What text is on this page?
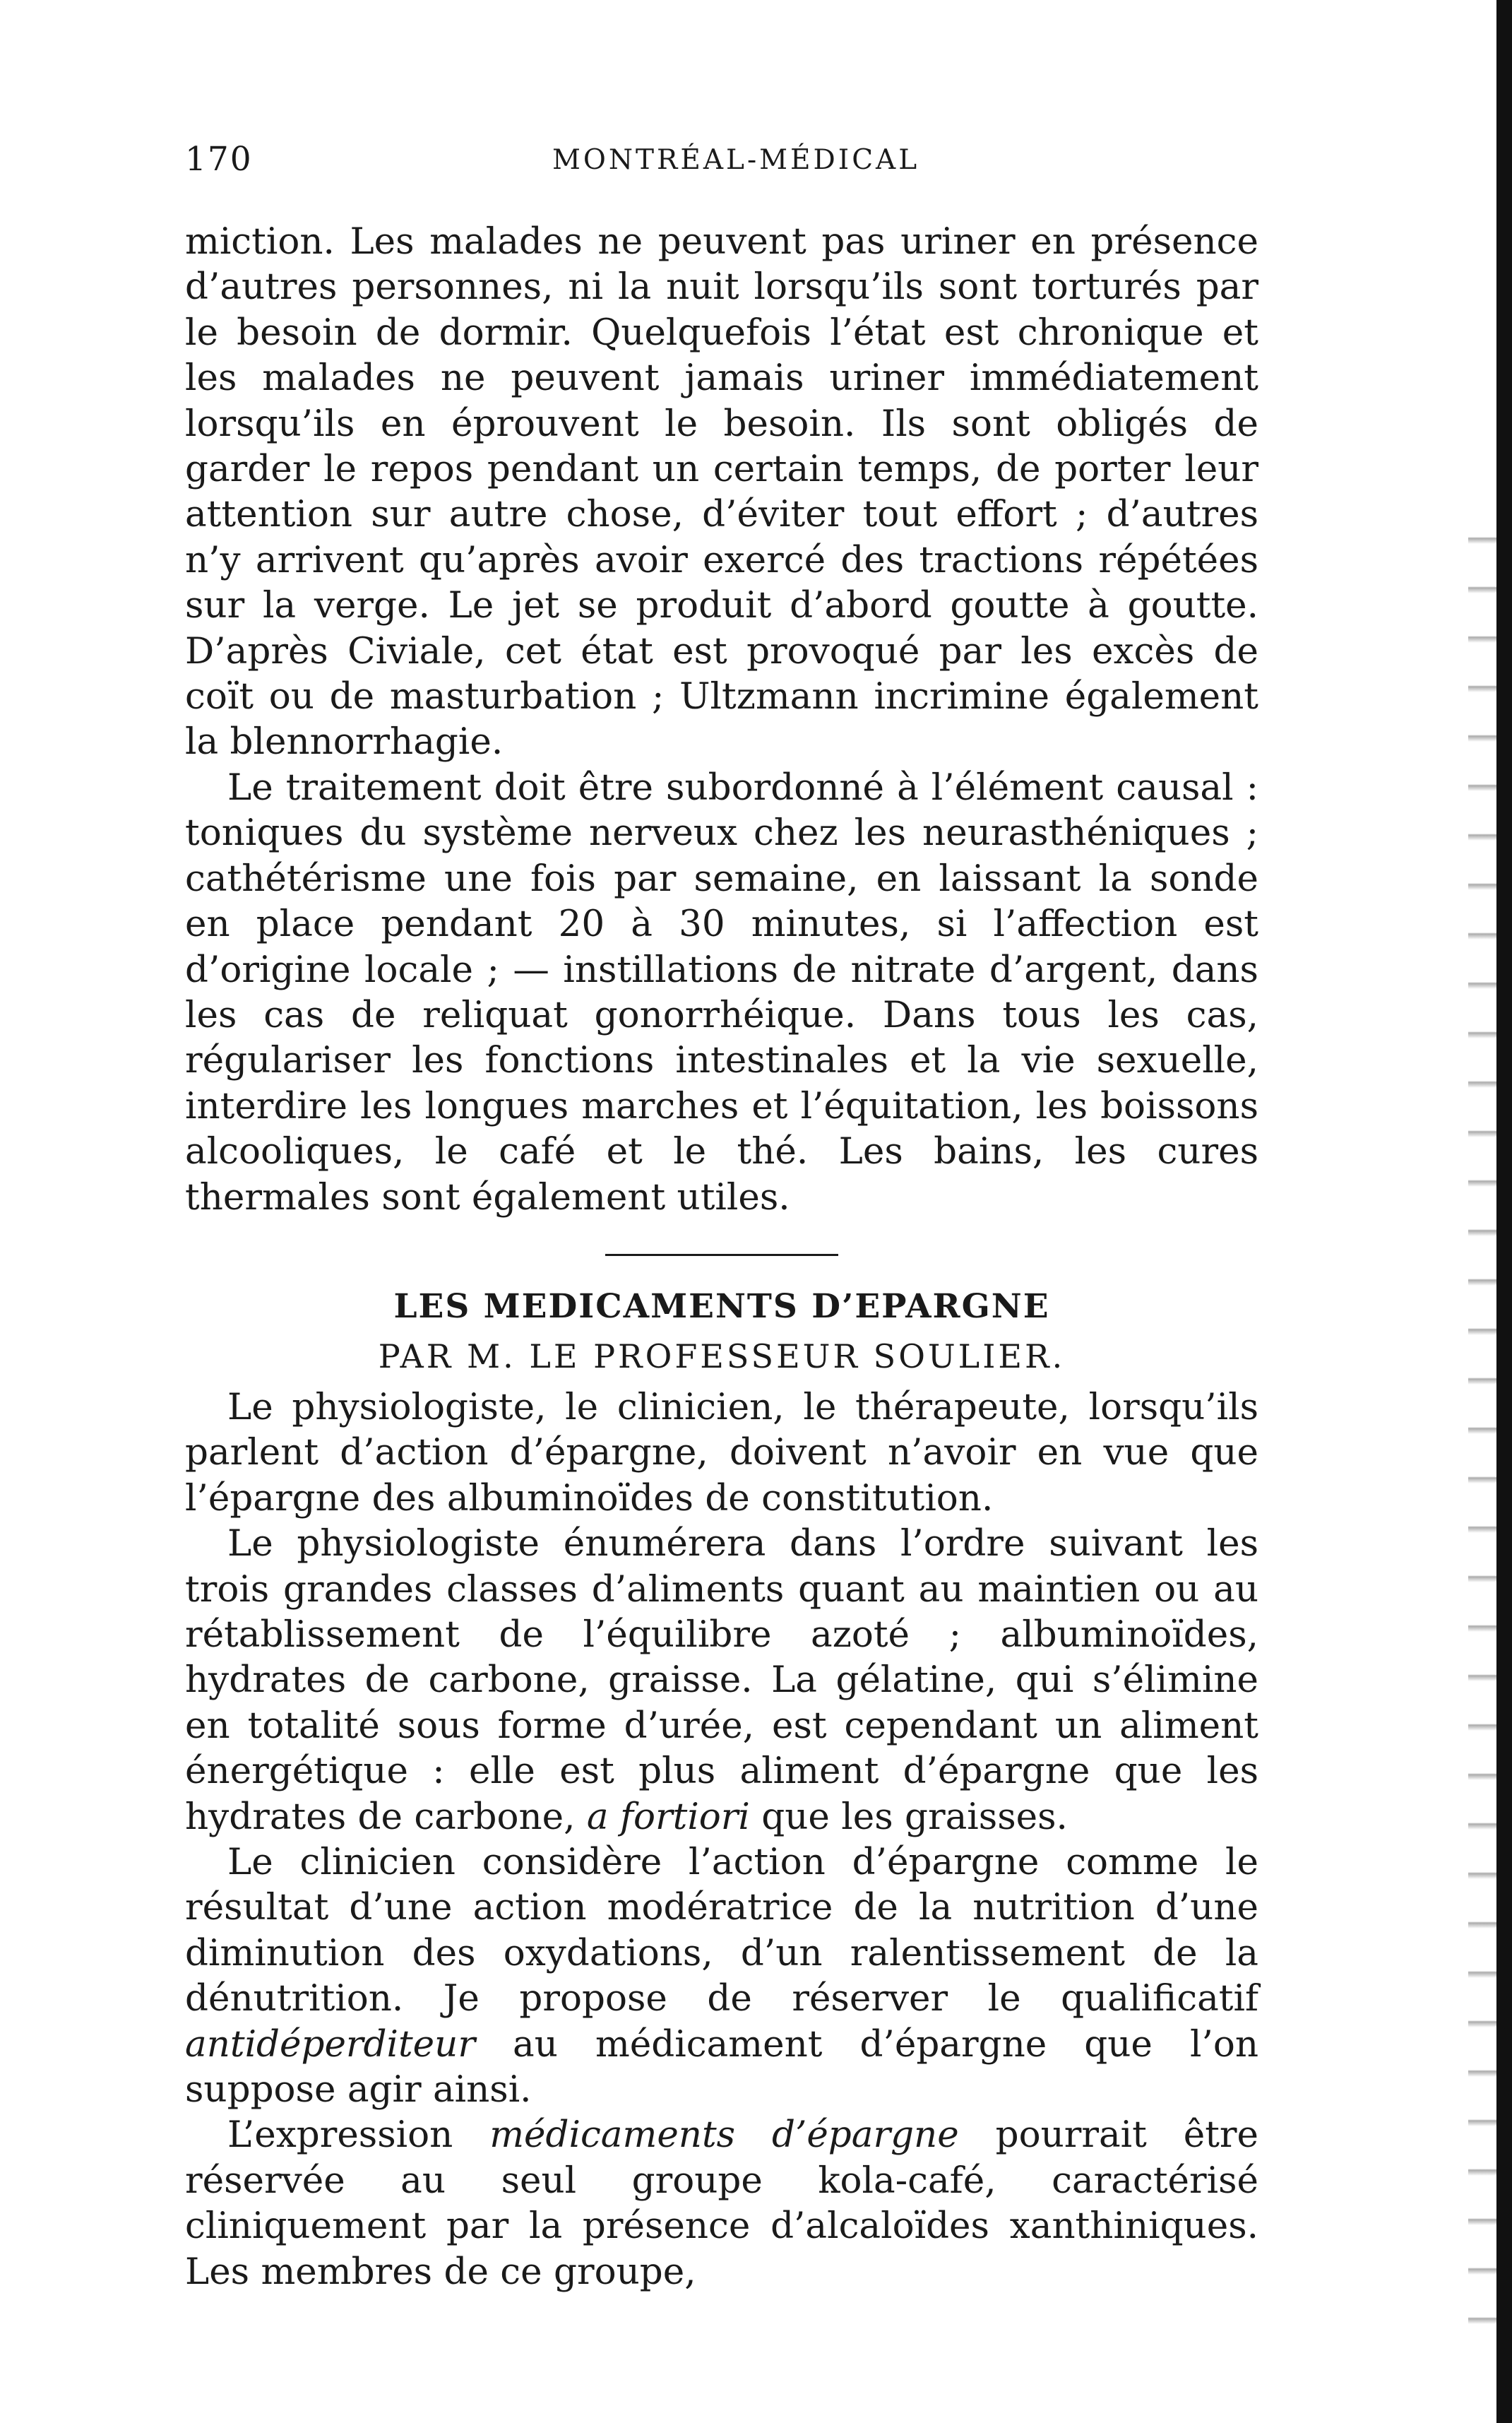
170	MONTRÉAL-MÉDICAL

miction. Les malades ne peuvent pas uriner en présence d’autres personnes, ni la nuit lorsqu’ils sont torturés par le besoin de dormir. Quelquefois l’état est chronique et les malades ne peuvent jamais uriner immédiatement lorsqu’ils en éprouvent le besoin. Ils sont obligés de garder le repos pendant un certain temps, de porter leur attention sur autre chose, d’éviter tout effort ; d’autres n’y arrivent qu’après avoir exercé des tractions répétées sur la verge. Le jet se produit d’abord goutte à goutte. D’après Civiale, cet état est provoqué par les excès de coït ou de masturbation ; Ultzmann incrimine également la blennorrhagie.

Le traitement doit être subordonné à l’élément causal : toniques du système nerveux chez les neurasthéniques ; cathétérisme une fois par semaine, en laissant la sonde en place pendant 20 à 30 minutes, si l’affection est d’origine locale ; — instillations de nitrate d’argent, dans les cas de reliquat gonorrhéique. Dans tous les cas, régulariser les fonctions intestinales et la vie sexuelle, interdire les longues marches et l’équitation, les boissons alcooliques, le café et le thé. Les bains, les cures thermales sont également utiles.

LES MEDICAMENTS D’EPARGNE
PAR M. LE PROFESSEUR SOULIER.

Le physiologiste, le clinicien, le thérapeute, lorsqu’ils parlent d’action d’épargne, doivent n’avoir en vue que l’épargne des albuminoïdes de constitution.

Le physiologiste énumérera dans l’ordre suivant les trois grandes classes d’aliments quant au maintien ou au rétablissement de l’équilibre azoté ; albuminoïdes, hydrates de carbone, graisse. La gélatine, qui s’élimine en totalité sous forme d’urée, est cependant un aliment énergétique : elle est plus aliment d’épargne que les hydrates de carbone, a fortiori que les graisses.

Le clinicien considère l’action d’épargne comme le résultat d’une action modératrice de la nutrition d’une diminution des oxydations, d’un ralentissement de la dénutrition. Je propose de réserver le qualificatif antidéperditeur au médicament d’épargne que l’on suppose agir ainsi.

L’expression médicaments d’épargne pourrait être réservée au seul groupe kola-café, caractérisé cliniquement par la présence d’alcaloïdes xanthiniques. Les membres de ce groupe,
